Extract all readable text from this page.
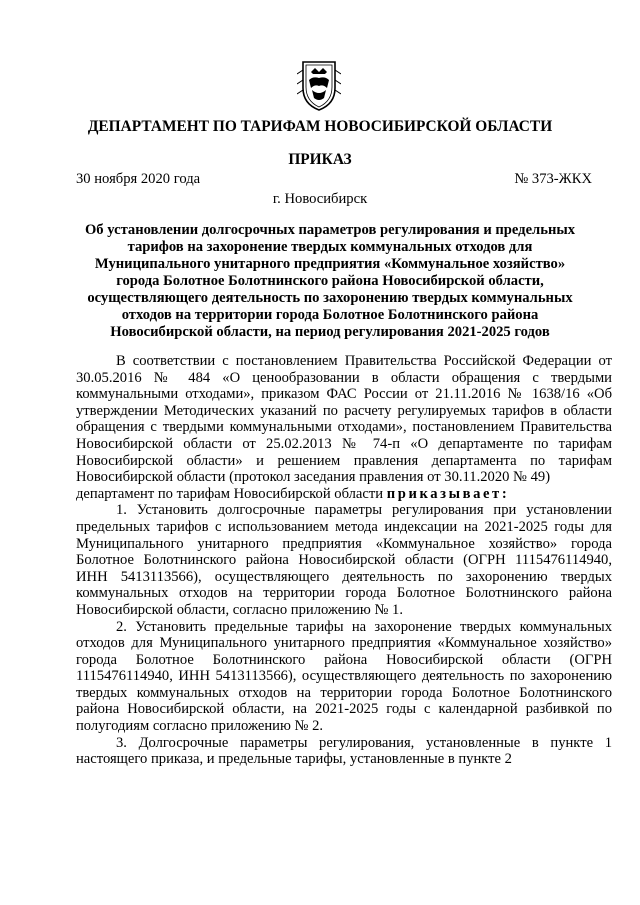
ДЕПАРТАМЕНТ ПО ТАРИФАМ НОВОСИБИРСКОЙ ОБЛАСТИ
ПРИКАЗ
30 ноября 2020 года	№ 373-ЖКХ
г. Новосибирск
Об установлении долгосрочных параметров регулирования и предельных
тарифов на захоронение твердых коммунальных отходов для
Муниципального унитарного предприятия «Коммунальное хозяйство»
города Болотное Болотнинского района Новосибирской области,
осуществляющего деятельность по захоронению твердых коммунальных
отходов на территории города Болотное Болотнинского района
Новосибирской области, на период регулирования 2021-2025 годов

В соответствии с постановлением Правительства Российской Федерации от 30.05.2016 № 484 «О ценообразовании в области обращения с твердыми коммунальными отходами», приказом ФАС России от 21.11.2016 № 1638/16 «Об утверждении Методических указаний по расчету регулируемых тарифов в области обращения с твердыми коммунальными отходами», постановлением Правительства Новосибирской области от 25.02.2013 № 74-п «О департаменте по тарифам Новосибирской области» и решением правления департамента по тарифам Новосибирской области (протокол заседания правления от 30.11.2020 № 49)

департамент по тарифам Новосибирской области приказывает:

1. Установить долгосрочные параметры регулирования при установлении предельных тарифов с использованием метода индексации на 2021-2025 годы для Муниципального унитарного предприятия «Коммунальное хозяйство» города Болотное Болотнинского района Новосибирской области (ОГРН 1115476114940, ИНН 5413113566), осуществляющего деятельность по захоронению твердых коммунальных отходов на территории города Болотное Болотнинского района Новосибирской области, согласно приложению № 1.

2. Установить предельные тарифы на захоронение твердых коммунальных отходов для Муниципального унитарного предприятия «Коммунальное хозяйство» города Болотное Болотнинского района Новосибирской области (ОГРН 1115476114940, ИНН 5413113566), осуществляющего деятельность по захоронению твердых коммунальных отходов на территории города Болотное Болотнинского района Новосибирской области, на 2021-2025 годы с календарной разбивкой по полугодиям согласно приложению № 2.

3. Долгосрочные параметры регулирования, установленные в пункте 1 настоящего приказа, и предельные тарифы, установленные в пункте 2
